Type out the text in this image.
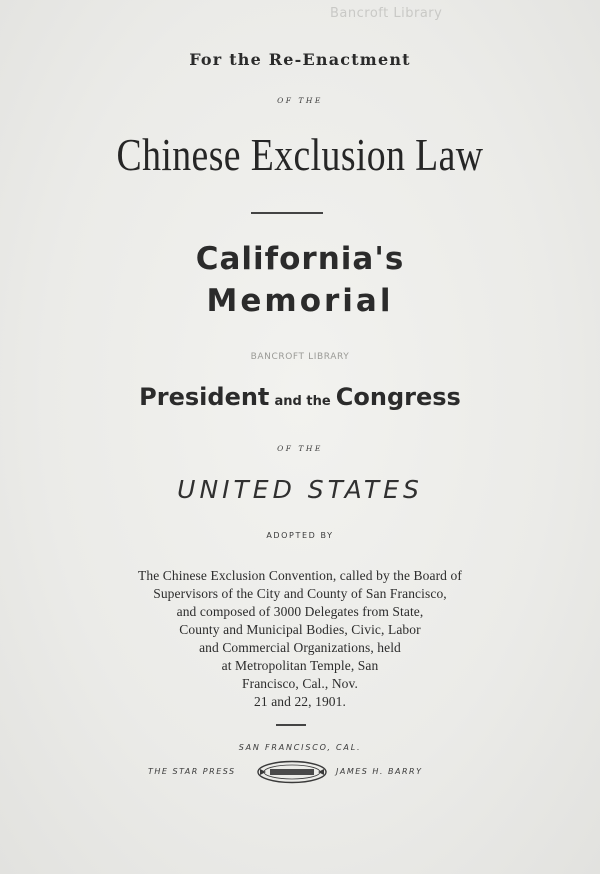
Bancroft Library
For the Re-Enactment
OF THE
Chinese Exclusion Law
California's
Memorial
BANCROFT LIBRARY
President and the Congress
OF THE
UNITED STATES
ADOPTED BY
The Chinese Exclusion Convention, called by the Board of
Supervisors of the City and County of San Francisco,
and composed of 3000 Delegates from State,
County and Municipal Bodies, Civic, Labor
and Commercial Organizations, held
at Metropolitan Temple, San
Francisco, Cal., Nov.
21 and 22, 1901.
SAN FRANCISCO, CAL.
THE STAR PRESS	JAMES H. BARRY
